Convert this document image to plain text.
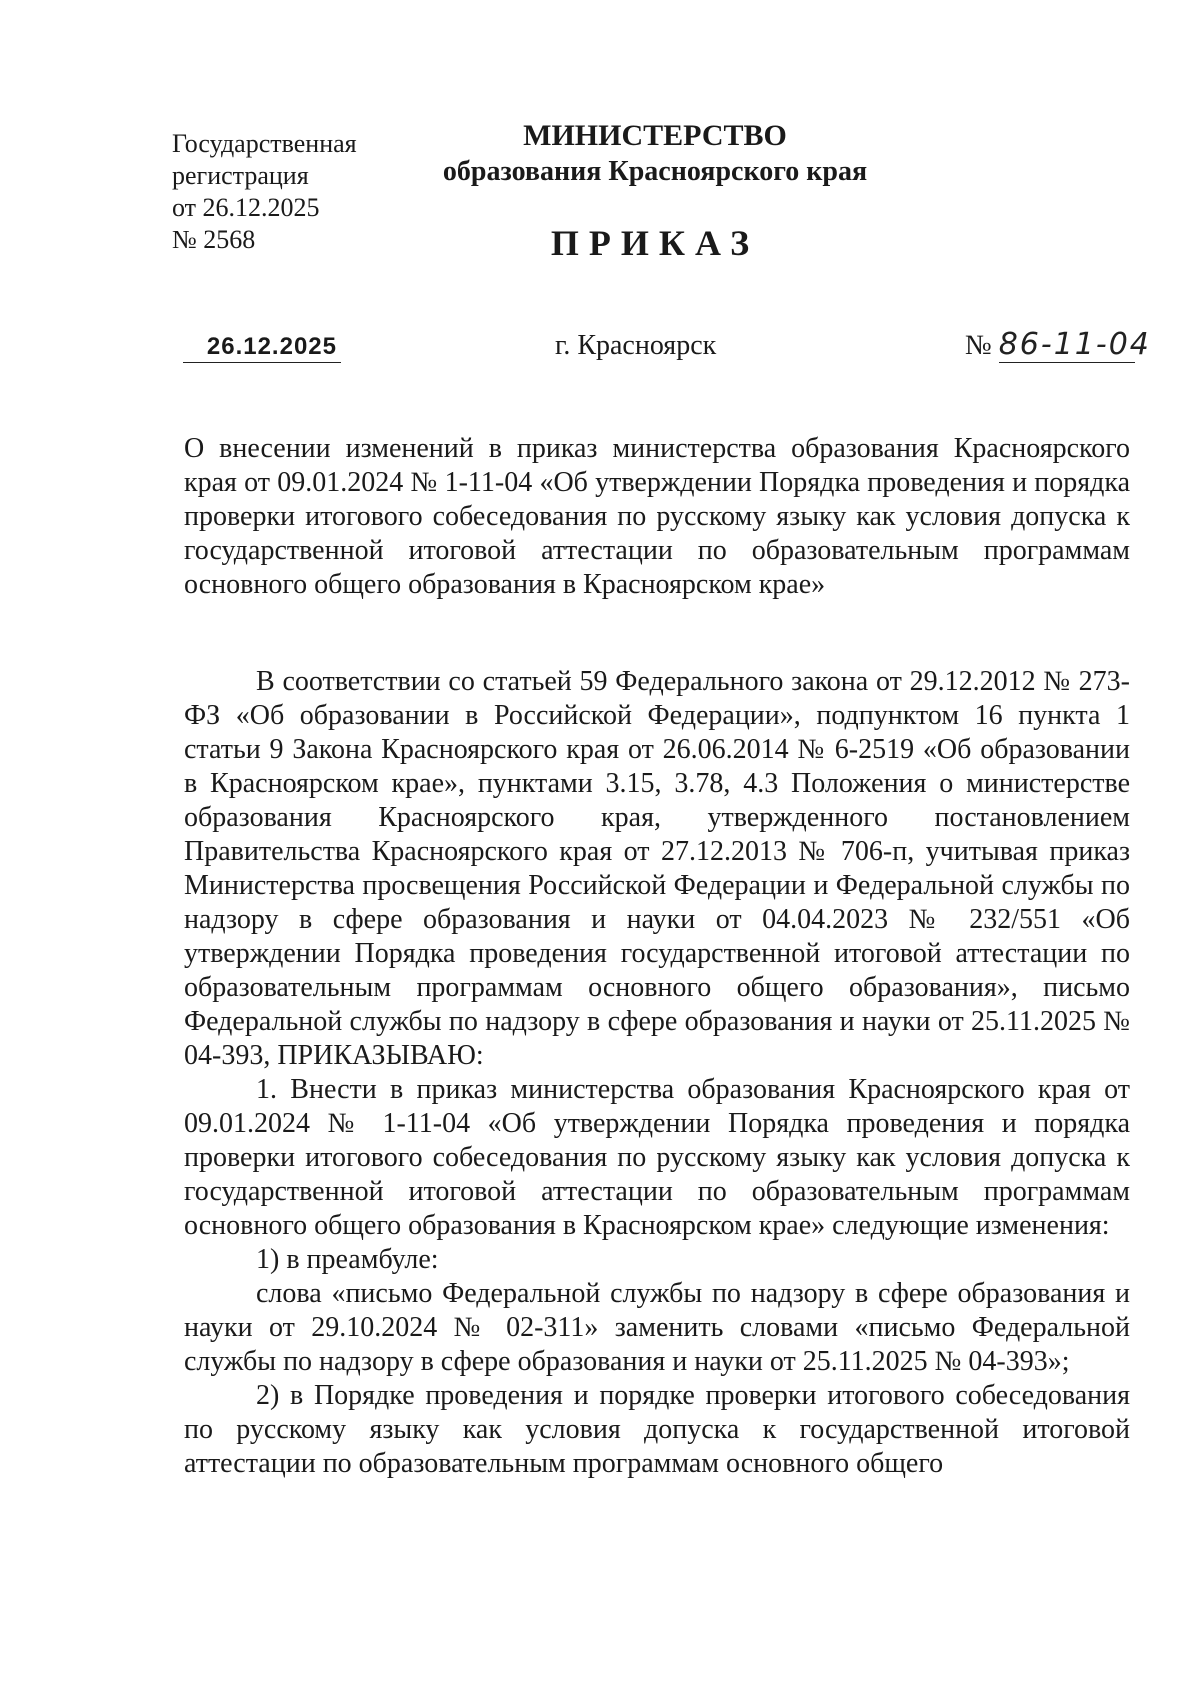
Государственная
регистрация
от 26.12.2025
№ 2568
МИНИСТЕРСТВО
образования Красноярского края
ПРИКАЗ
26.12.2025	г. Красноярск	№ 86-11-04
О внесении изменений в приказ министерства образования Красноярского края от 09.01.2024 № 1-11-04 «Об утверждении Порядка проведения и порядка проверки итогового собеседования по русскому языку как условия допуска к государственной итоговой аттестации по образовательным программам основного общего образования в Красноярском крае»

В соответствии со статьей 59 Федерального закона от 29.12.2012 № 273-ФЗ «Об образовании в Российской Федерации», подпунктом 16 пункта 1 статьи 9 Закона Красноярского края от 26.06.2014 № 6-2519 «Об образовании в Красноярском крае», пунктами 3.15, 3.78, 4.3 Положения о министерстве образования Красноярского края, утвержденного постановлением Правительства Красноярского края от 27.12.2013 № 706-п, учитывая приказ Министерства просвещения Российской Федерации и Федеральной службы по надзору в сфере образования и науки от 04.04.2023 № 232/551 «Об утверждении Порядка проведения государственной итоговой аттестации по образовательным программам основного общего образования», письмо Федеральной службы по надзору в сфере образования и науки от 25.11.2025 № 04-393, ПРИКАЗЫВАЮ:

1. Внести в приказ министерства образования Красноярского края от 09.01.2024 № 1-11-04 «Об утверждении Порядка проведения и порядка проверки итогового собеседования по русскому языку как условия допуска к государственной итоговой аттестации по образовательным программам основного общего образования в Красноярском крае» следующие изменения:

1) в преамбуле:

слова «письмо Федеральной службы по надзору в сфере образования и науки от 29.10.2024 № 02-311» заменить словами «письмо Федеральной службы по надзору в сфере образования и науки от 25.11.2025 № 04-393»;

2) в Порядке проведения и порядке проверки итогового собеседования по русскому языку как условия допуска к государственной итоговой аттестации по образовательным программам основного общего
